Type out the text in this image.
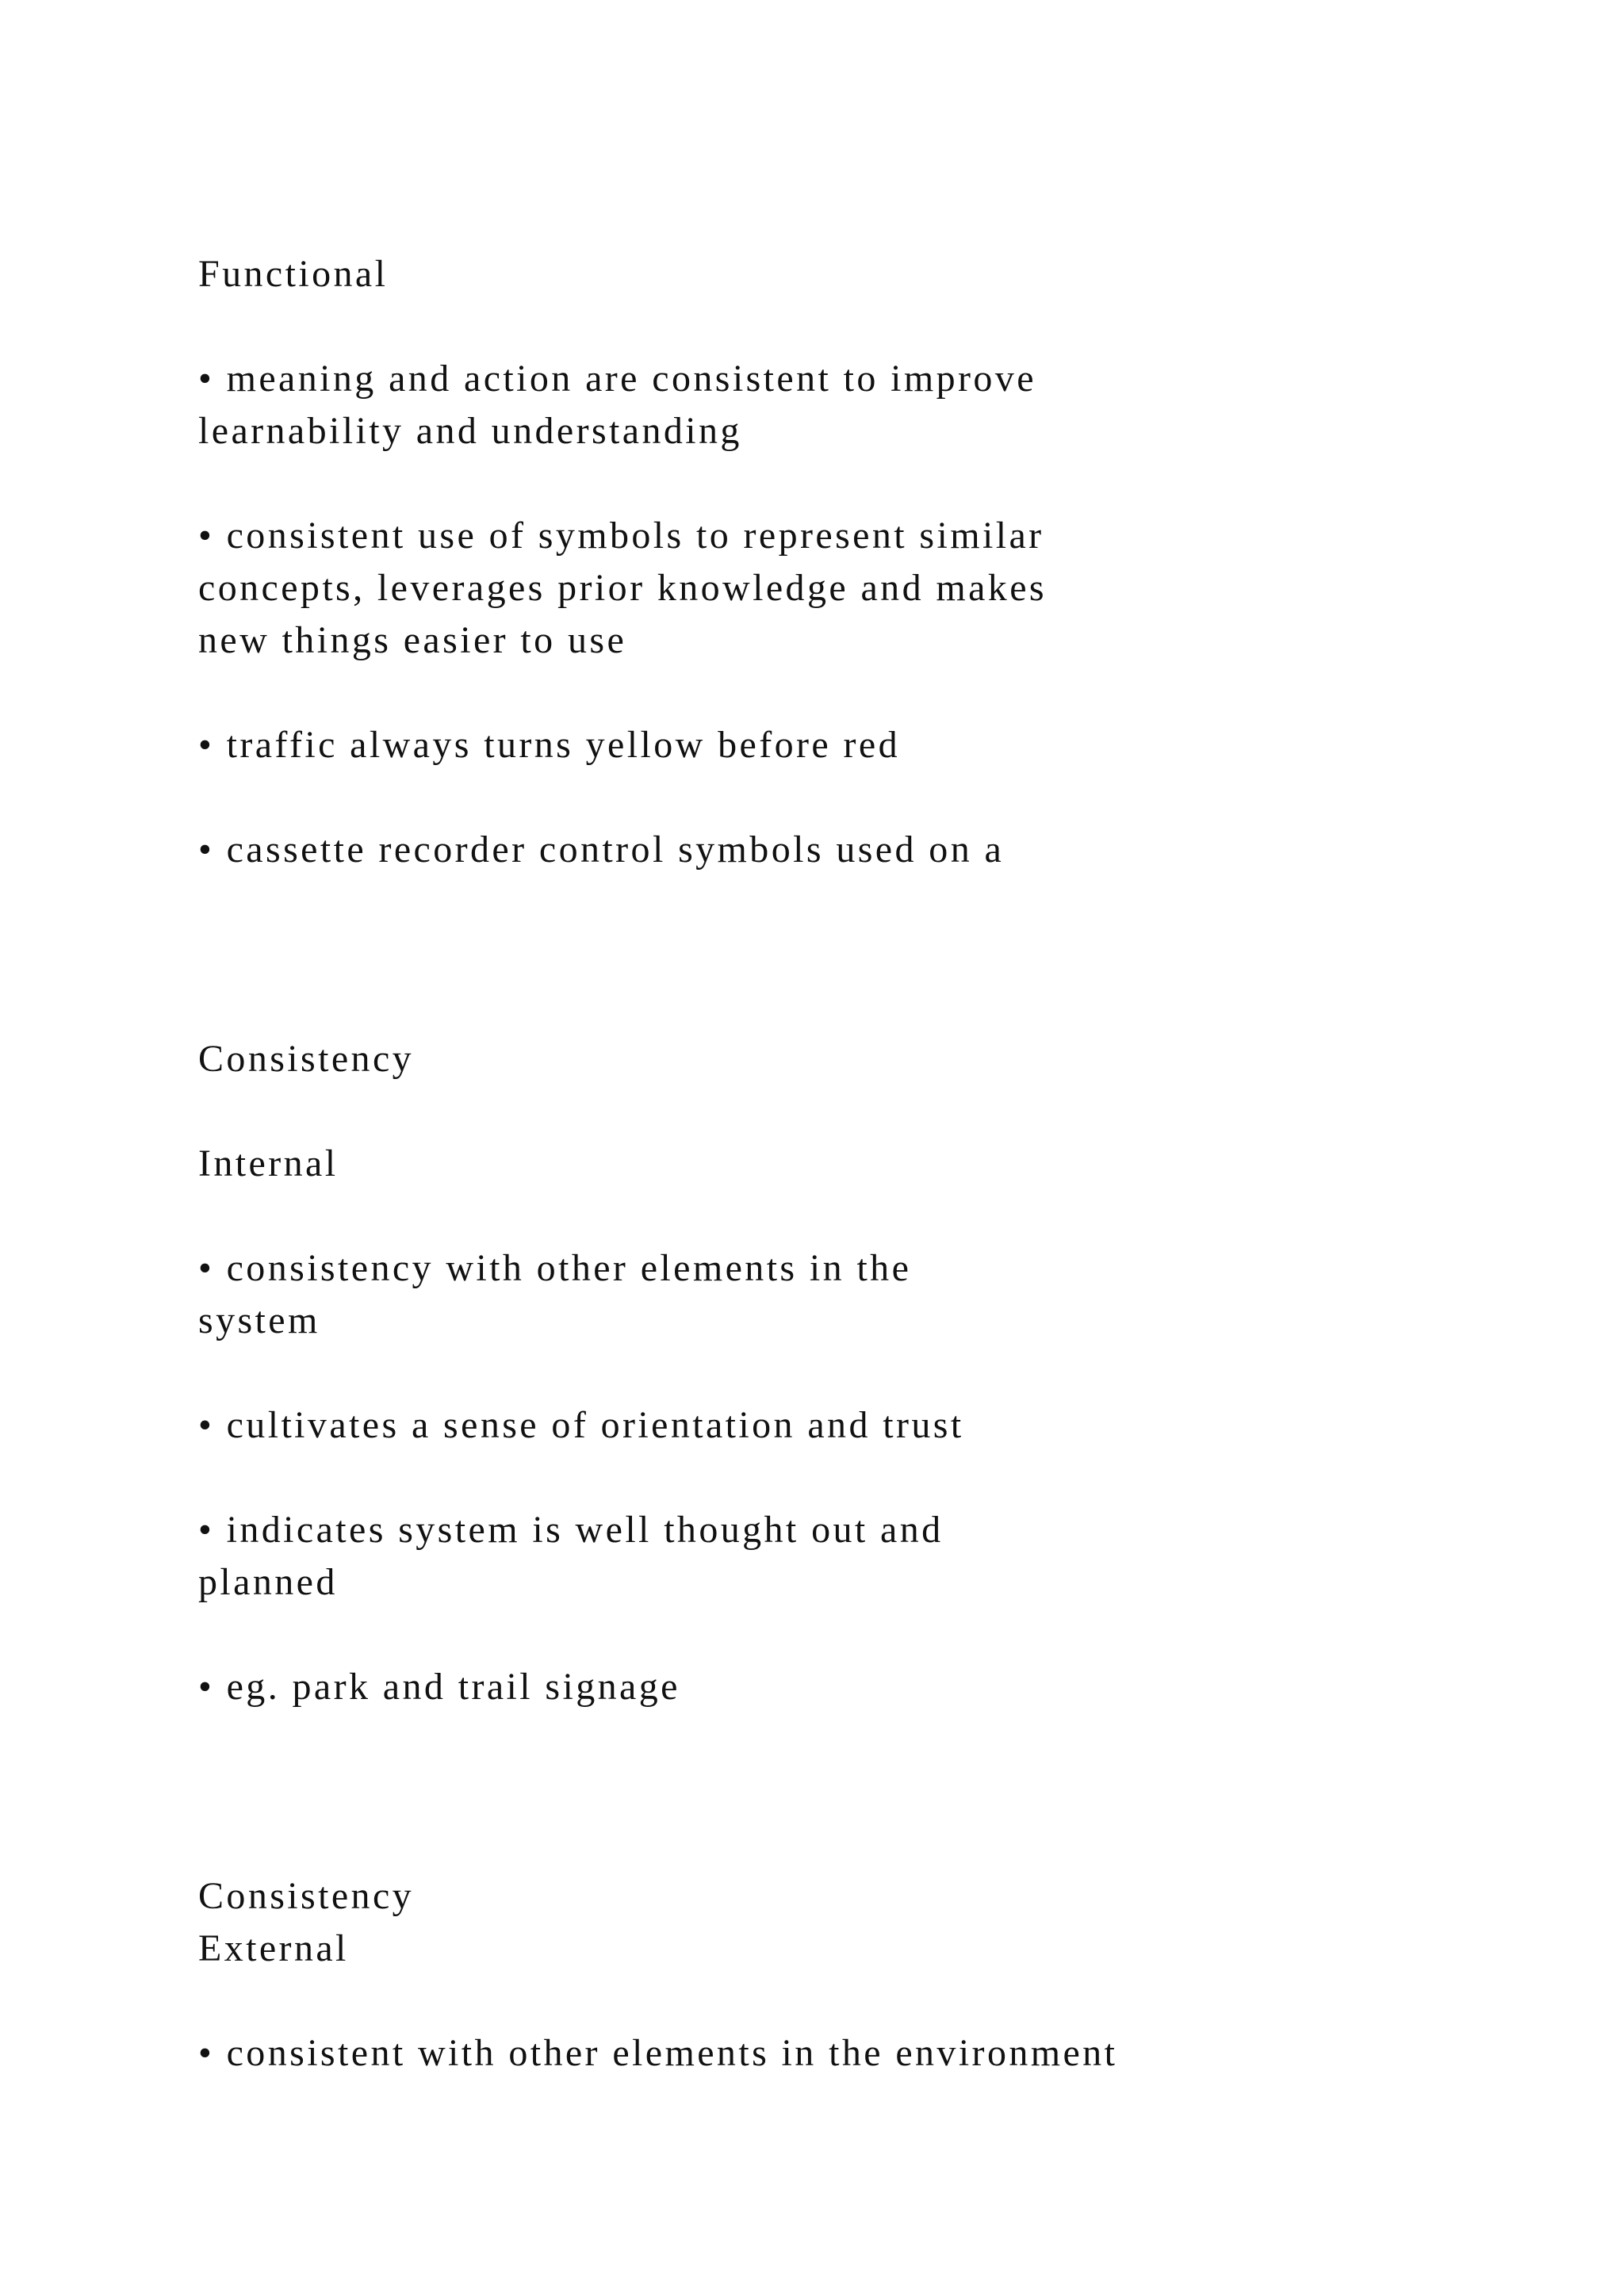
Functional

• meaning and action are consistent to improve

learnability and understanding

• consistent use of symbols to represent similar

concepts, leverages prior knowledge and makes

new things easier to use

• traffic always turns yellow before red

• cassette recorder control symbols used on a

Consistency

Internal

• consistency with other elements in the

system

• cultivates a sense of orientation and trust

• indicates system is well thought out and

planned

• eg. park and trail signage

Consistency

External

• consistent with other elements in the environment
